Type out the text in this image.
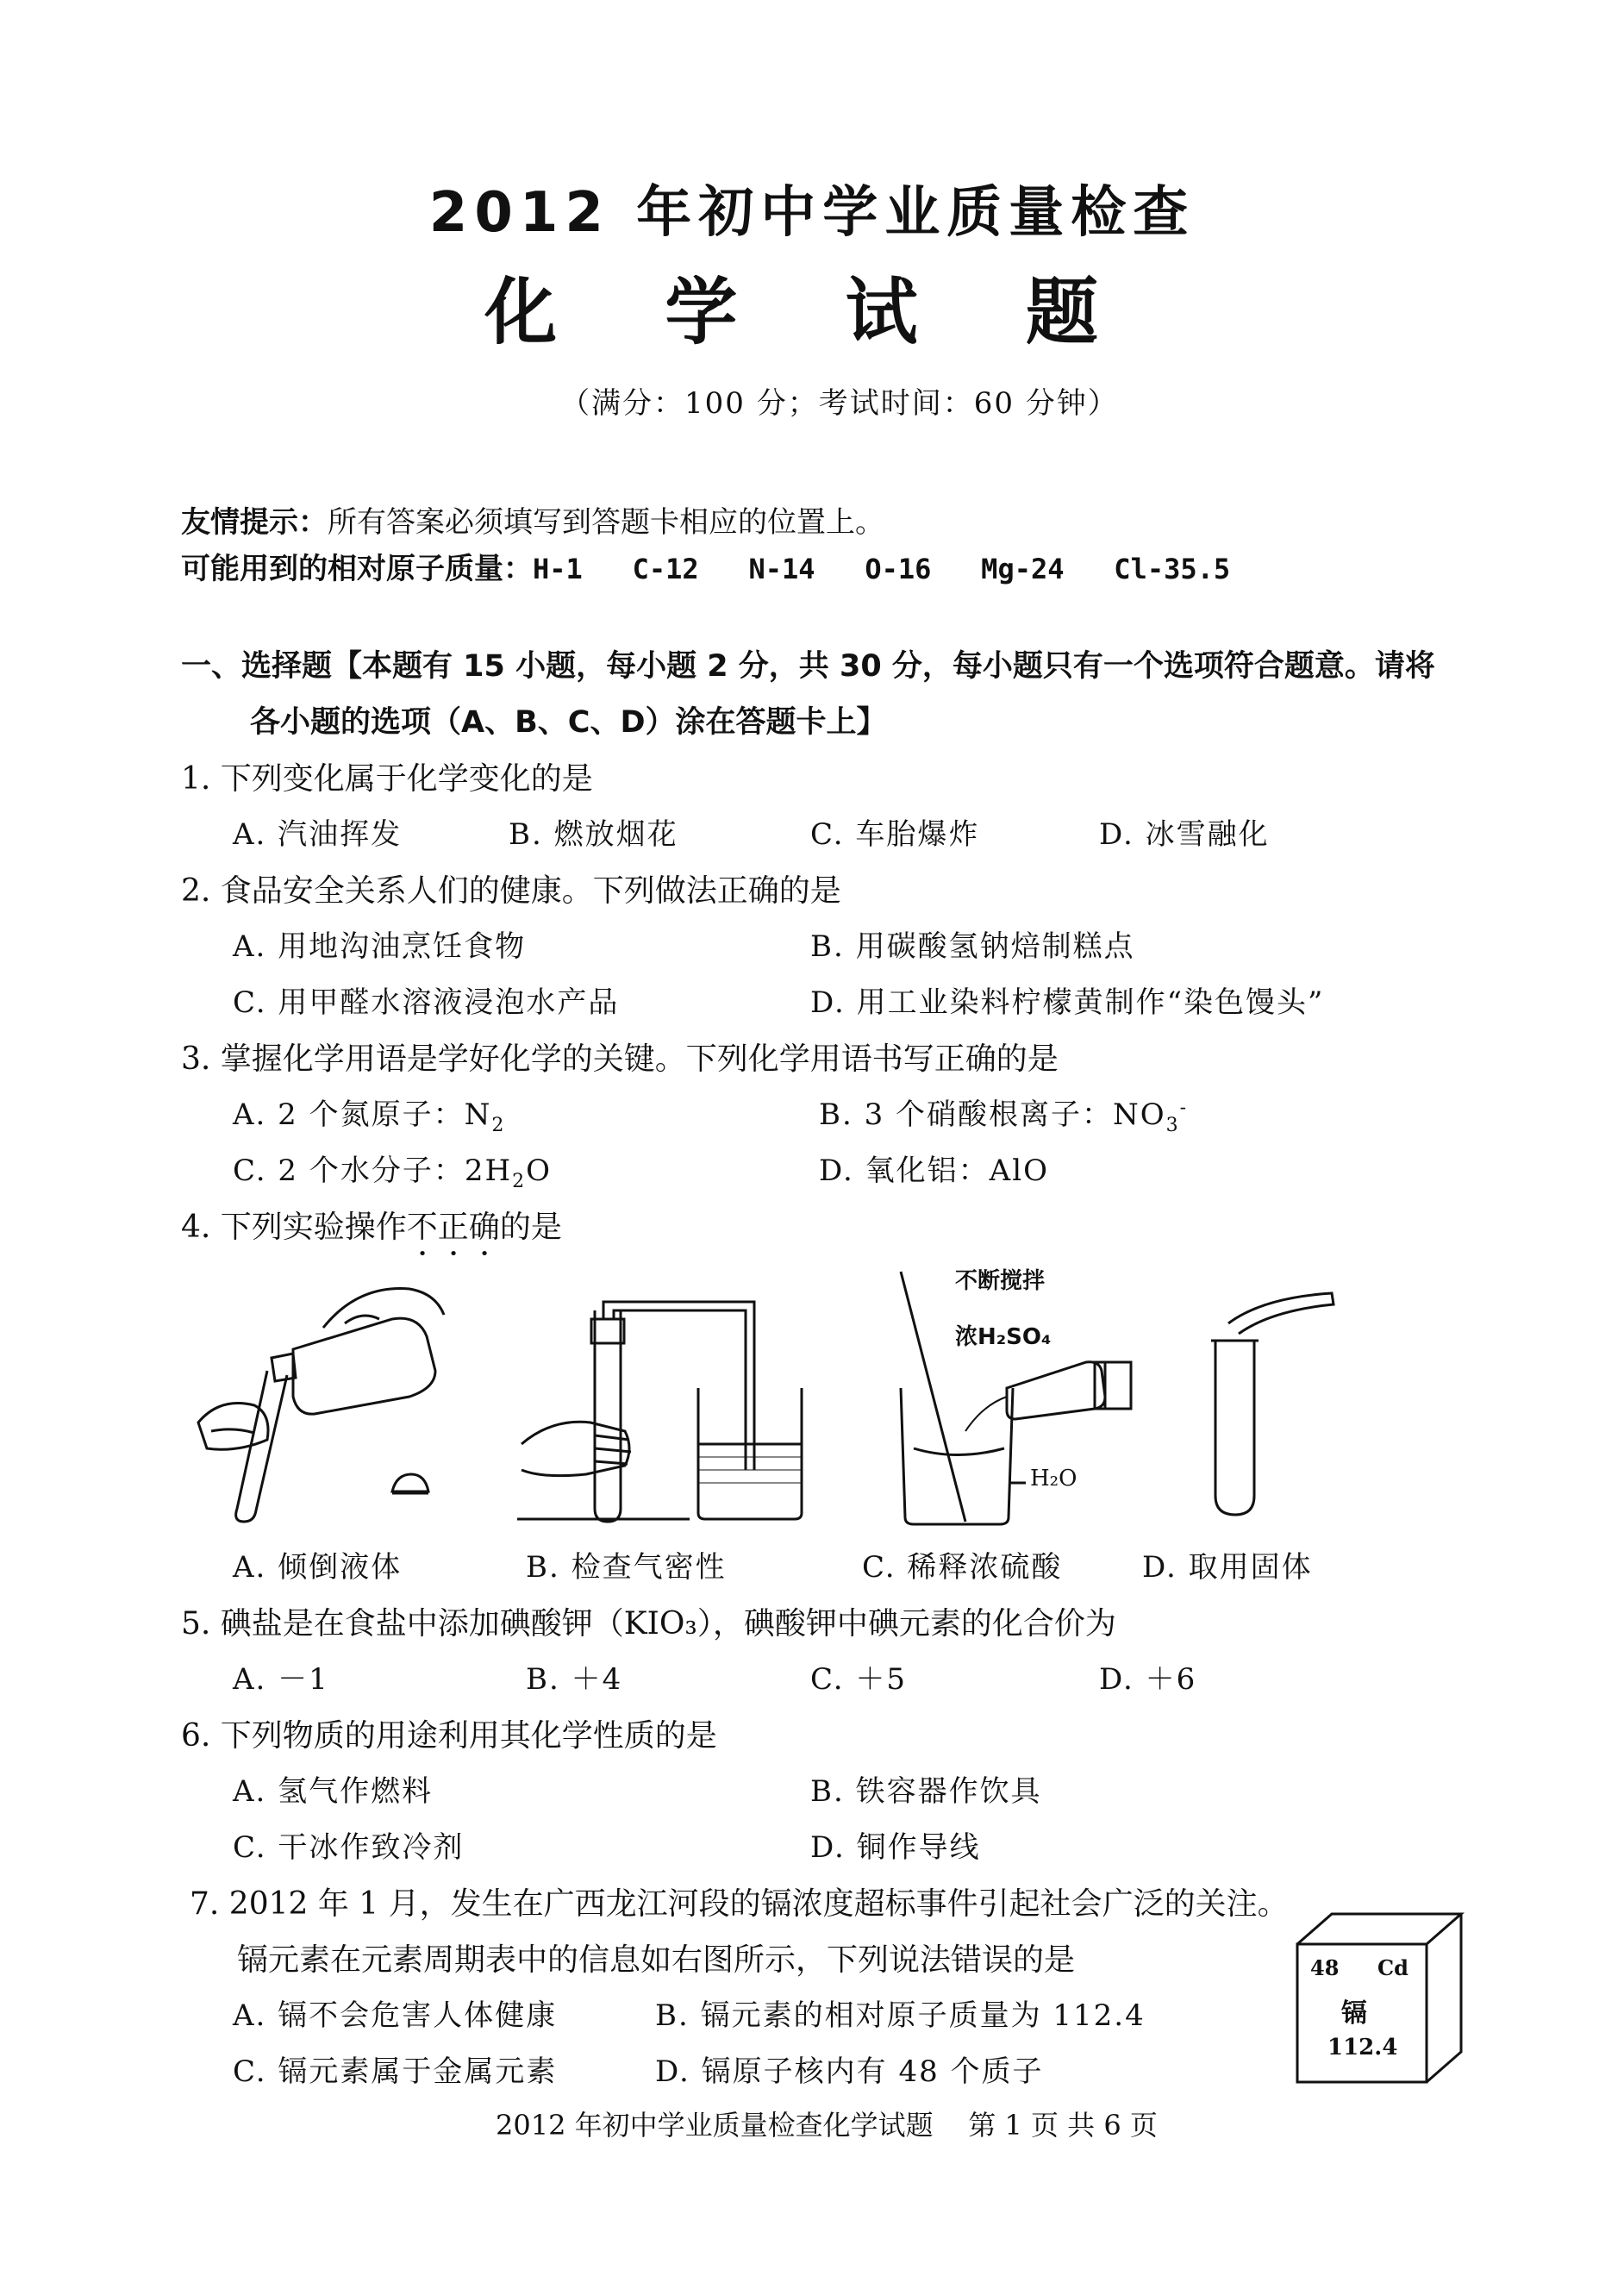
2012 年初中学业质量检查
化 学 试 题
（满分：100 分；考试时间：60 分钟）
友情提示：所有答案必须填写到答题卡相应的位置上。
可能用到的相对原子质量：H-1   C-12   N-14   O-16   Mg-24   Cl-35.5
一、选择题【本题有 15 小题，每小题 2 分，共 30 分，每小题只有一个选项符合题意。请将
各小题的选项（A、B、C、D）涂在答题卡上】
1. 下列变化属于化学变化的是
A. 汽油挥发	B. 燃放烟花	C. 车胎爆炸	D. 冰雪融化
2. 食品安全关系人们的健康。下列做法正确的是
A. 用地沟油烹饪食物	B. 用碳酸氢钠焙制糕点
C. 用甲醛水溶液浸泡水产品	D. 用工业染料柠檬黄制作“染色馒头”
3. 掌握化学用语是学好化学的关键。下列化学用语书写正确的是
A. 2 个氮原子：$N_2$	B. 3 个硝酸根离子：$NO_3^-$
C. 2 个水分子：$2H_2O$	D. 氧化铝：AlO
4. 下列实验操作不正确的是
不断搅拌
浓H₂SO₄
H₂O
A. 倾倒液体	B. 检查气密性	C. 稀释浓硫酸	D. 取用固体
5. 碘盐是在食盐中添加碘酸钾（KIO₃），碘酸钾中碘元素的化合价为
A. －1	B. ＋4	C. ＋5	D. ＋6
6. 下列物质的用途利用其化学性质的是
A. 氢气作燃料	B. 铁容器作饮具
C. 干冰作致冷剂	D. 铜作导线
7. 2012 年 1 月，发生在广西龙江河段的镉浓度超标事件引起社会广泛的关注。
镉元素在元素周期表中的信息如右图所示，下列说法错误的是
A. 镉不会危害人体健康	B. 镉元素的相对原子质量为 112.4
C. 镉元素属于金属元素	D. 镉原子核内有 48 个质子
48 Cd
镉
112.4
2012 年初中学业质量检查化学试题    第 1 页 共 6 页
